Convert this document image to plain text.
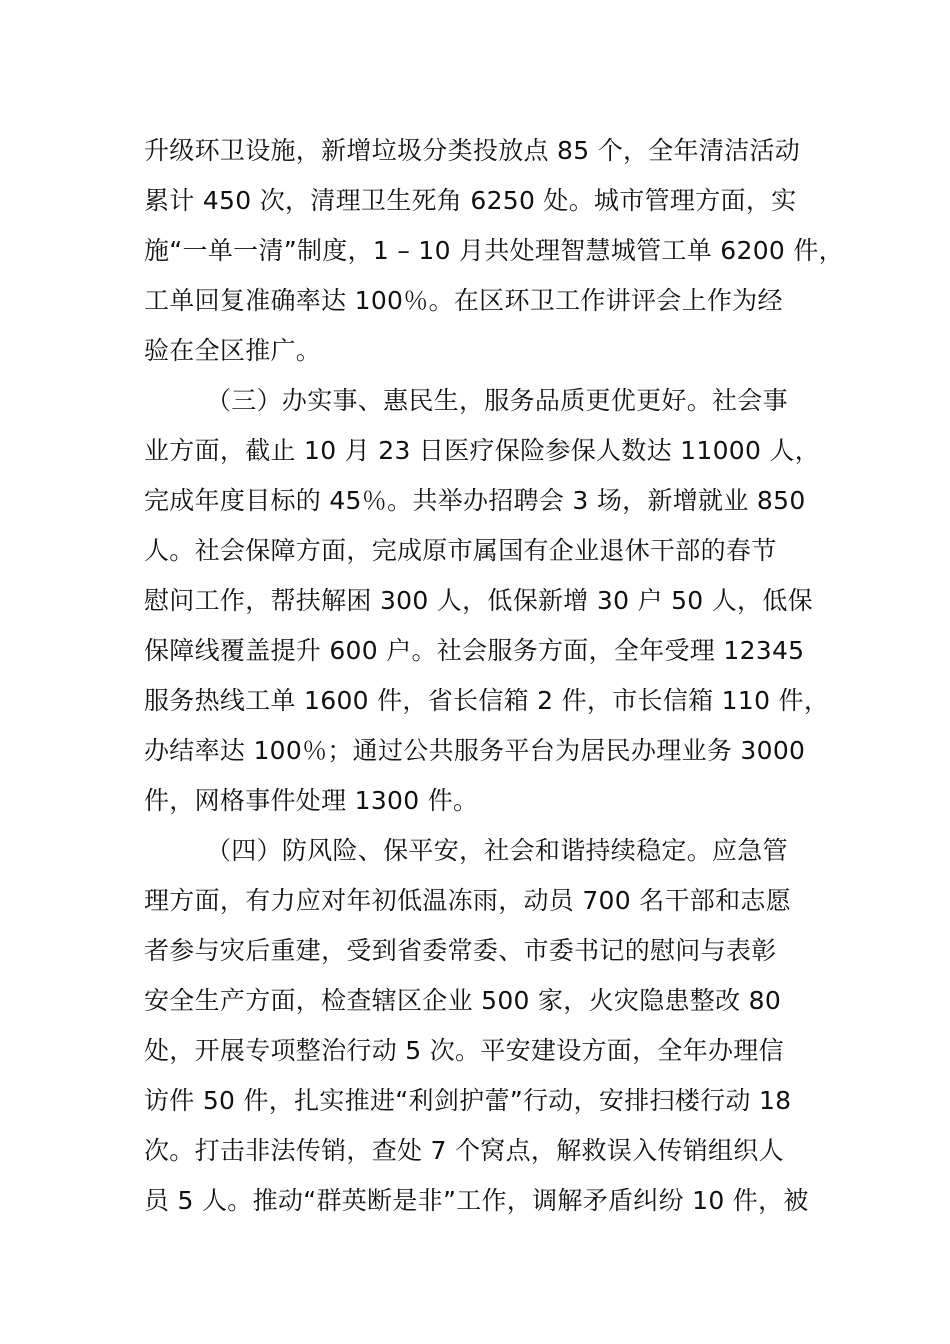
升级环卫设施，新增垃圾分类投放点 85 个，全年清洁活动
累计 450 次，清理卫生死角 6250 处。城市管理方面，实
施“一单一清”制度，1 – 10 月共处理智慧城管工单 6200 件，
工单回复准确率达 100％。在区环卫工作讲评会上作为经
验在全区推广。
（三）办实事、惠民生，服务品质更优更好。社会事
业方面，截止 10 月 23 日医疗保险参保人数达 11000 人，
完成年度目标的 45％。共举办招聘会 3 场，新增就业 850
人。社会保障方面，完成原市属国有企业退休干部的春节
慰问工作，帮扶解困 300 人，低保新增 30 户 50 人，低保
保障线覆盖提升 600 户。社会服务方面，全年受理 12345
服务热线工单 1600 件，省长信箱 2 件，市长信箱 110 件，
办结率达 100％；通过公共服务平台为居民办理业务 3000
件，网格事件处理 1300 件。
（四）防风险、保平安，社会和谐持续稳定。应急管
理方面，有力应对年初低温冻雨，动员 700 名干部和志愿
者参与灾后重建，受到省委常委、市委书记的慰问与表彰
安全生产方面，检查辖区企业 500 家，火灾隐患整改 80
处，开展专项整治行动 5 次。平安建设方面，全年办理信
访件 50 件，扎实推进“利剑护蕾”行动，安排扫楼行动 18
次。打击非法传销，查处 7 个窝点，解救误入传销组织人
员 5 人。推动“群英断是非”工作，调解矛盾纠纷 10 件，被
